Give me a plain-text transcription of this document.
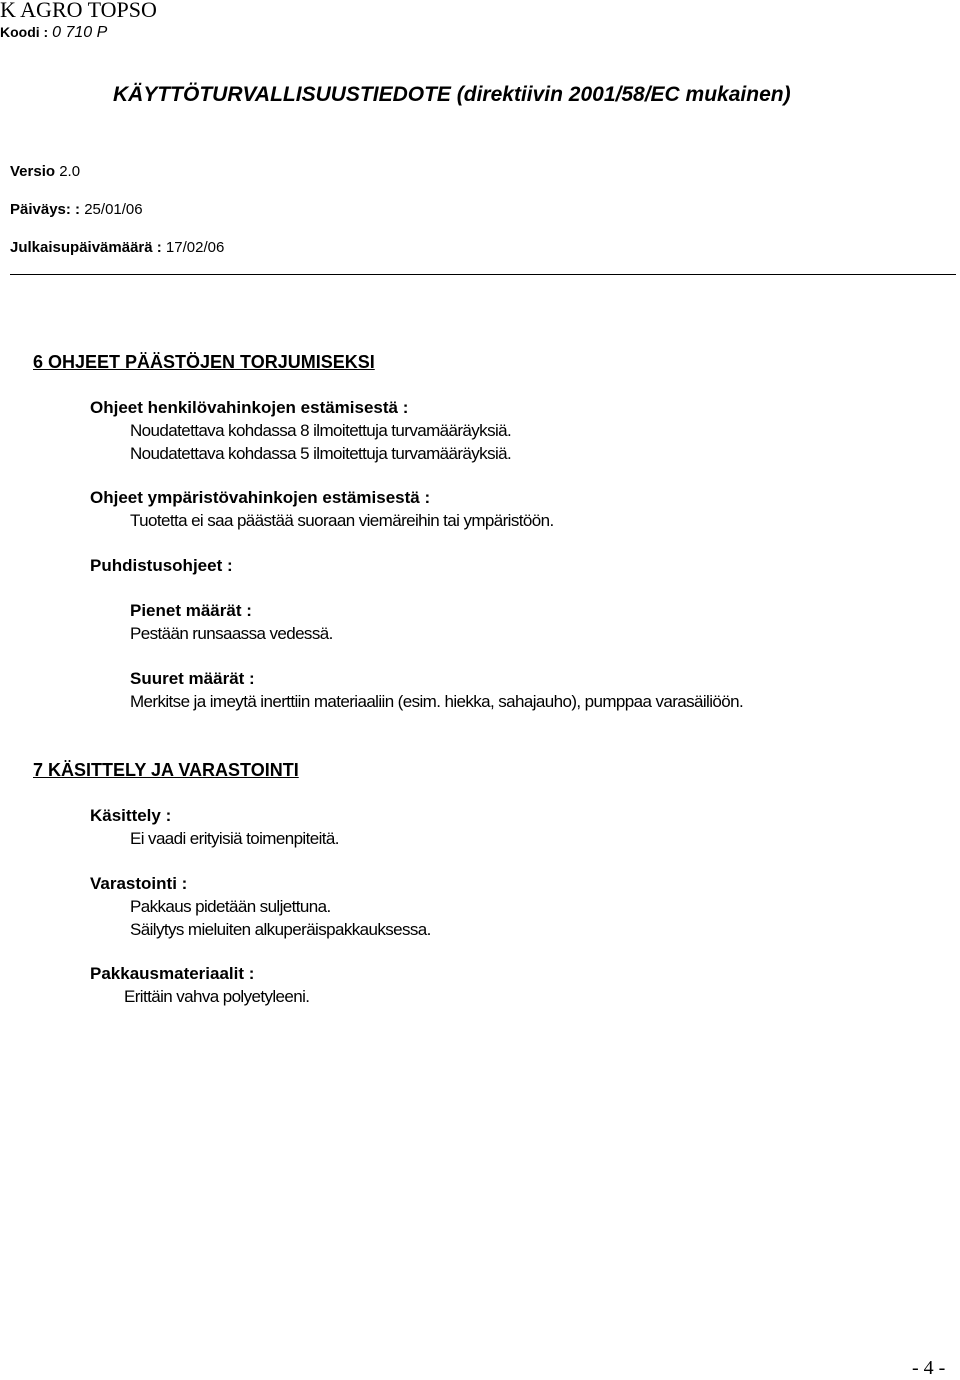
K AGRO TOPSO
Koodi : 0 710 P
KÄYTTÖTURVALLISUUSTIEDOTE (direktiivin 2001/58/EC mukainen)
Versio 2.0
Päiväys: : 25/01/06
Julkaisupäivämäärä : 17/02/06
6 OHJEET PÄÄSTÖJEN TORJUMISEKSI
Ohjeet henkilövahinkojen estämisestä :
Noudatettava kohdassa 8 ilmoitettuja turvamääräyksiä.
Noudatettava kohdassa 5 ilmoitettuja turvamääräyksiä.
Ohjeet ympäristövahinkojen estämisestä :
Tuotetta ei saa päästää suoraan viemäreihin tai ympäristöön.
Puhdistusohjeet :
Pienet määrät :
Pestään runsaassa vedessä.
Suuret määrät :
Merkitse ja imeytä inerttiin materiaaliin (esim. hiekka, sahajauho), pumppaa varasäiliöön.
7 KÄSITTELY JA VARASTOINTI
Käsittely :
Ei vaadi erityisiä toimenpiteitä.
Varastointi :
Pakkaus pidetään suljettuna.
Säilytys mieluiten alkuperäispakkauksessa.
Pakkausmateriaalit :
Erittäin vahva polyetyleeni.
- 4 -
